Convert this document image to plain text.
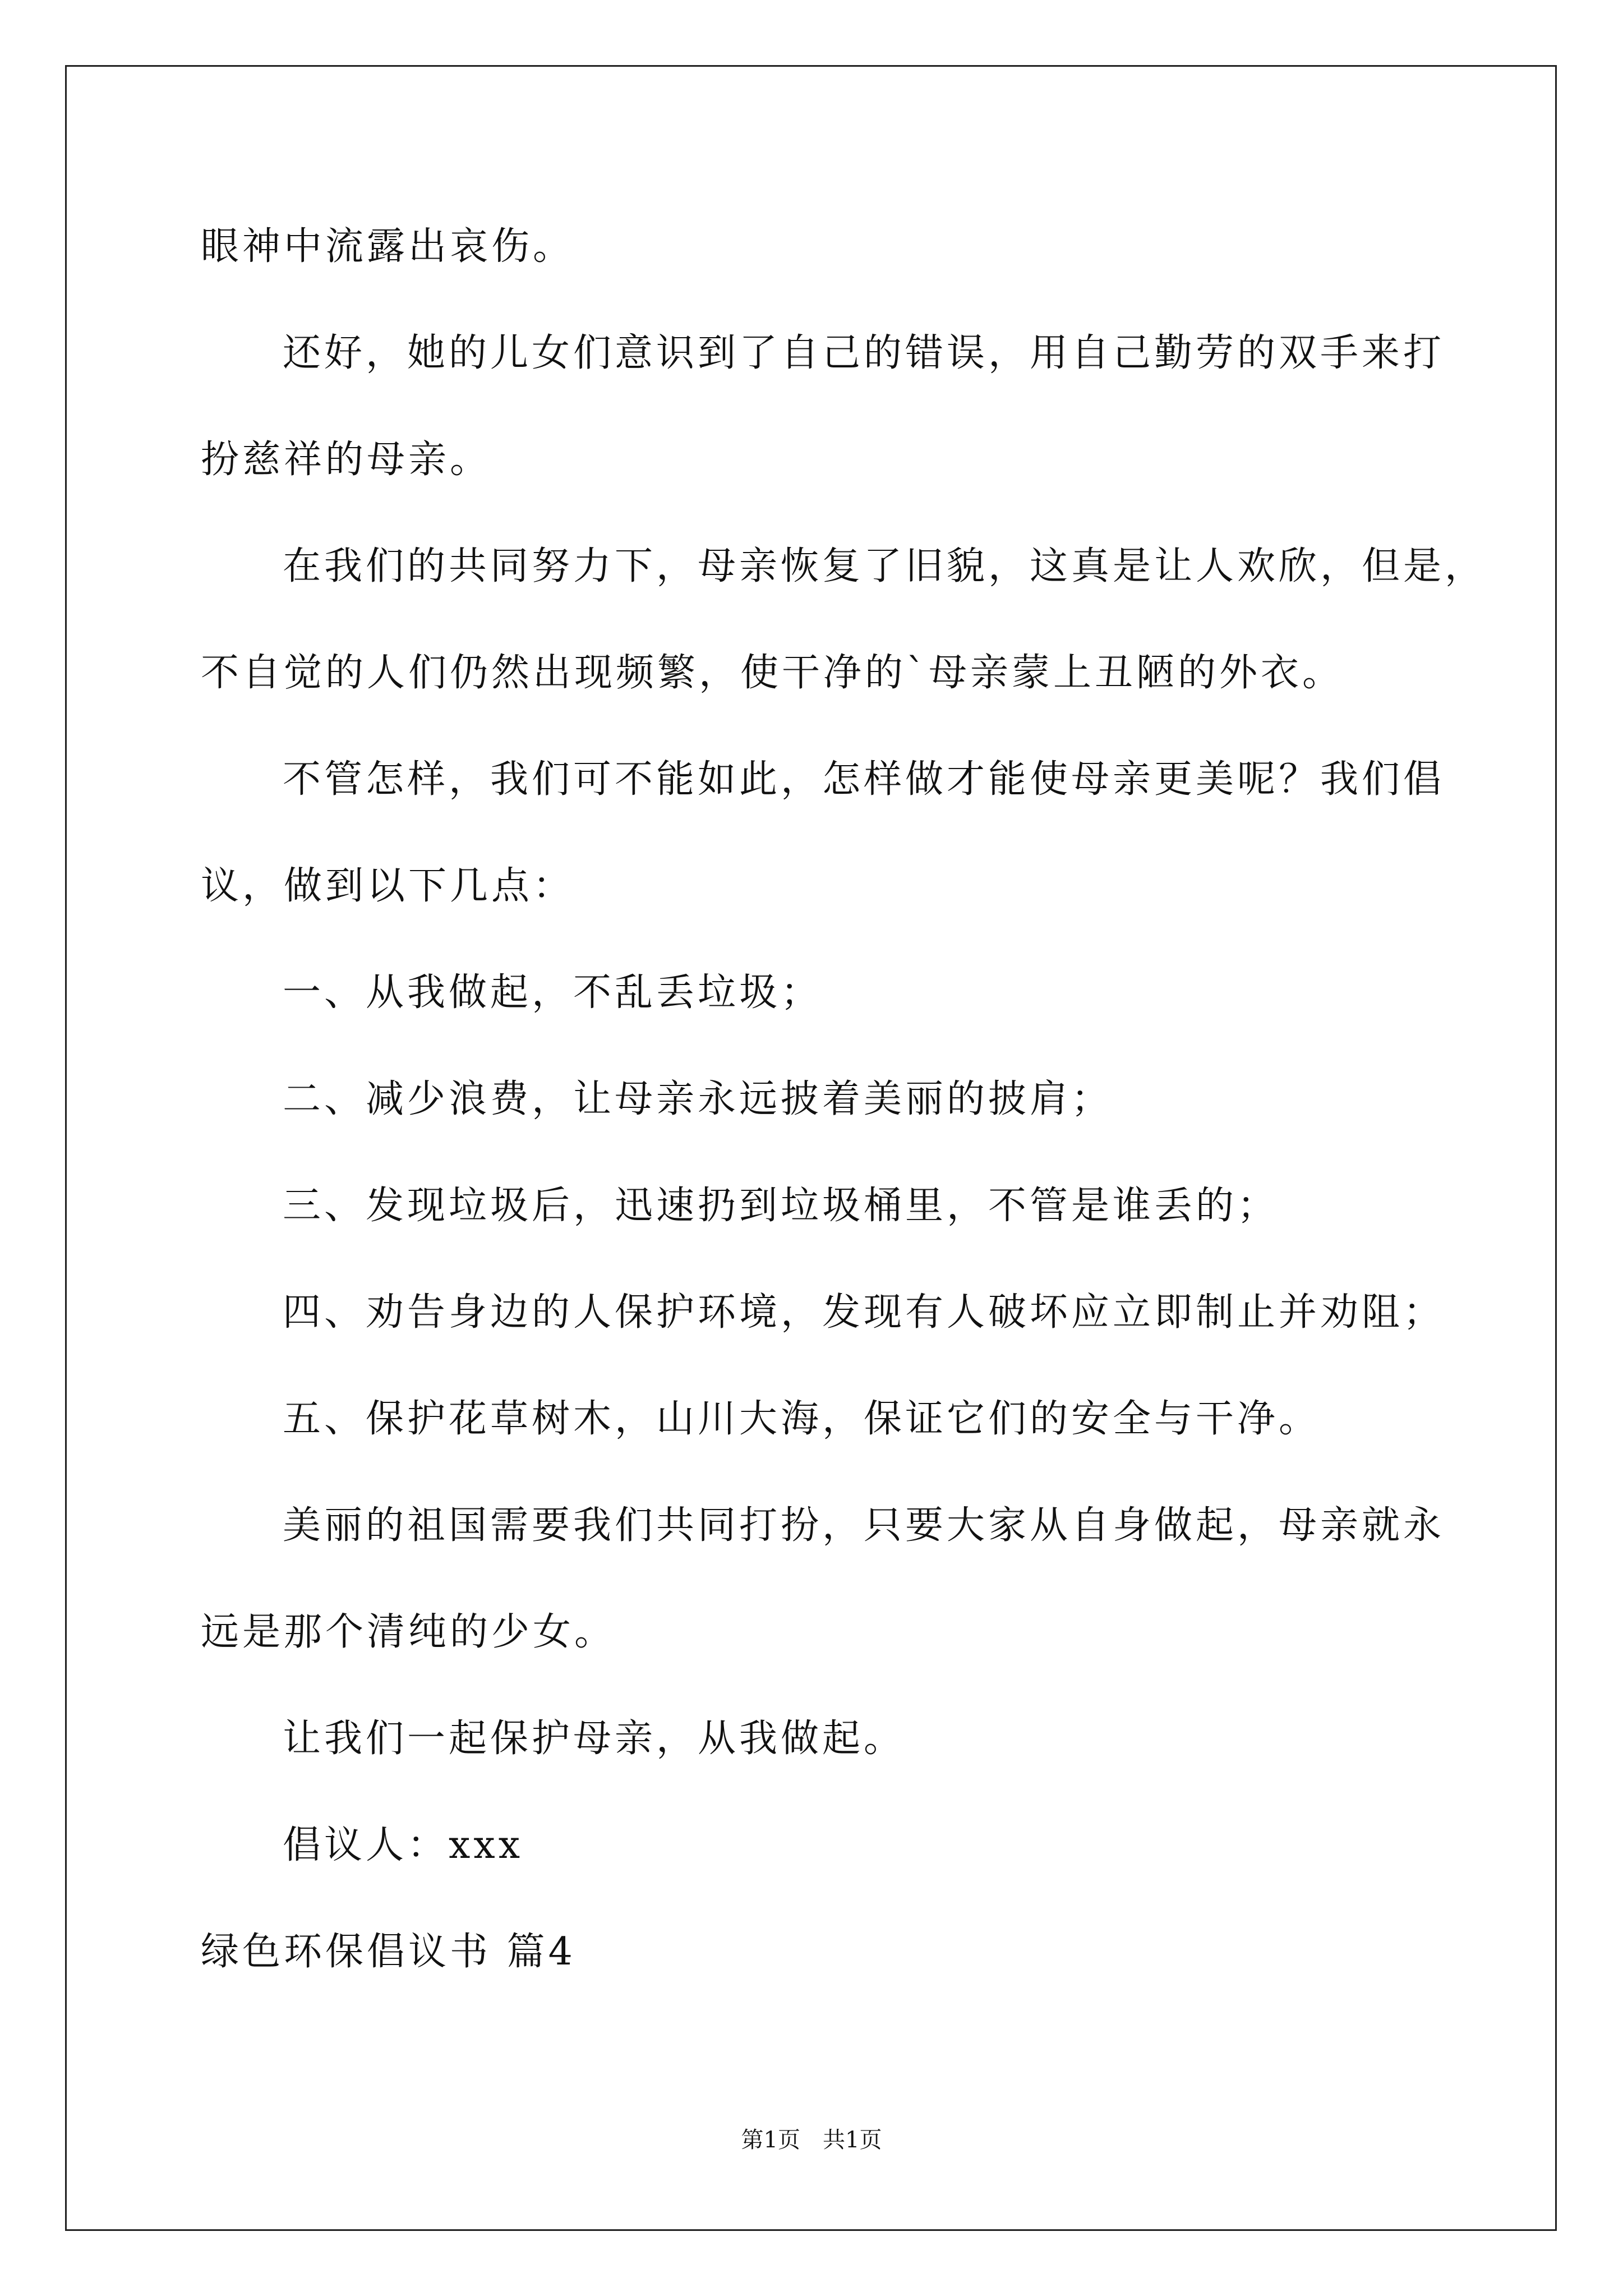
眼神中流露出哀伤。
还好，她的儿女们意识到了自己的错误，用自己勤劳的双手来打
扮慈祥的母亲。
在我们的共同努力下，母亲恢复了旧貌，这真是让人欢欣，但是，
不自觉的人们仍然出现频繁，使干净的`母亲蒙上丑陋的外衣。
不管怎样，我们可不能如此，怎样做才能使母亲更美呢？我们倡
议，做到以下几点：
一、从我做起，不乱丢垃圾；
二、减少浪费，让母亲永远披着美丽的披肩；
三、发现垃圾后，迅速扔到垃圾桶里，不管是谁丢的；
四、劝告身边的人保护环境，发现有人破坏应立即制止并劝阻；
五、保护花草树木，山川大海，保证它们的安全与干净。
美丽的祖国需要我们共同打扮，只要大家从自身做起，母亲就永
远是那个清纯的少女。
让我们一起保护母亲，从我做起。
倡议人：xxx
绿色环保倡议书 篇4
第1页　共1页
